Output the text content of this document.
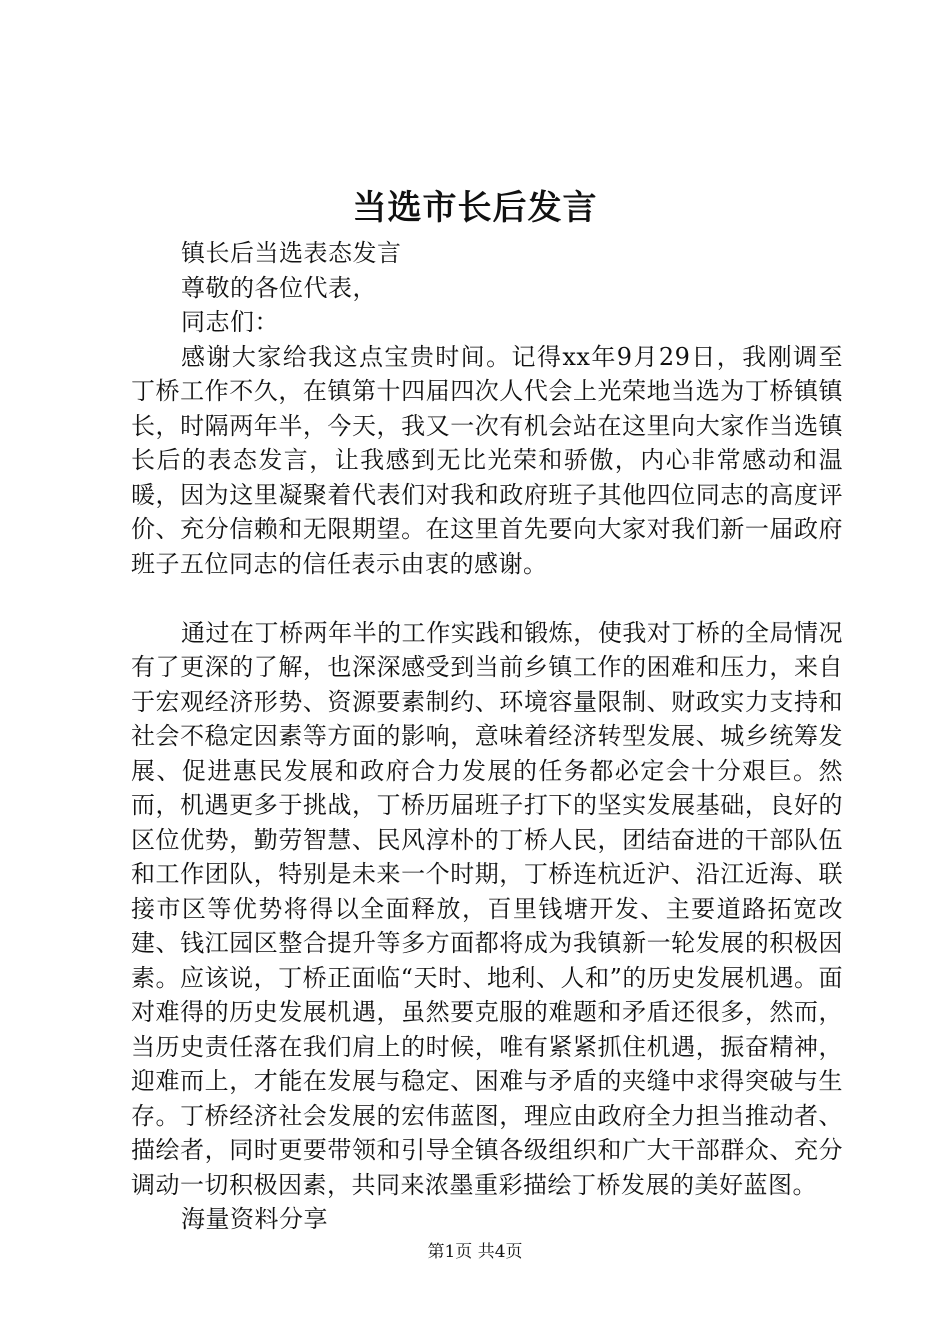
当选市长后发言
镇长后当选表态发言
尊敬的各位代表，
同志们：

感谢大家给我这点宝贵时间。记得xx年9月29日，我刚调至丁桥工作不久，在镇第十四届四次人代会上光荣地当选为丁桥镇镇长，时隔两年半，今天，我又一次有机会站在这里向大家作当选镇长后的表态发言，让我感到无比光荣和骄傲，内心非常感动和温暖，因为这里凝聚着代表们对我和政府班子其他四位同志的高度评价、充分信赖和无限期望。在这里首先要向大家对我们新一届政府班子五位同志的信任表示由衷的感谢。

通过在丁桥两年半的工作实践和锻炼，使我对丁桥的全局情况有了更深的了解，也深深感受到当前乡镇工作的困难和压力，来自于宏观经济形势、资源要素制约、环境容量限制、财政实力支持和社会不稳定因素等方面的影响，意味着经济转型发展、城乡统筹发展、促进惠民发展和政府合力发展的任务都必定会十分艰巨。然而，机遇更多于挑战，丁桥历届班子打下的坚实发展基础，良好的区位优势，勤劳智慧、民风淳朴的丁桥人民，团结奋进的干部队伍和工作团队，特别是未来一个时期，丁桥连杭近沪、沿江近海、联接市区等优势将得以全面释放，百里钱塘开发、主要道路拓宽改建、钱江园区整合提升等多方面都将成为我镇新一轮发展的积极因素。应该说，丁桥正面临“天时、地利、人和”的历史发展机遇。面对难得的历史发展机遇，虽然要克服的难题和矛盾还很多，然而，当历史责任落在我们肩上的时候，唯有紧紧抓住机遇，振奋精神，迎难而上，才能在发展与稳定、困难与矛盾的夹缝中求得突破与生存。丁桥经济社会发展的宏伟蓝图，理应由政府全力担当推动者、描绘者，同时更要带领和引导全镇各级组织和广大干部群众、充分调动一切积极因素，共同来浓墨重彩描绘丁桥发展的美好蓝图。

海量资料分享
第1页 共4页
